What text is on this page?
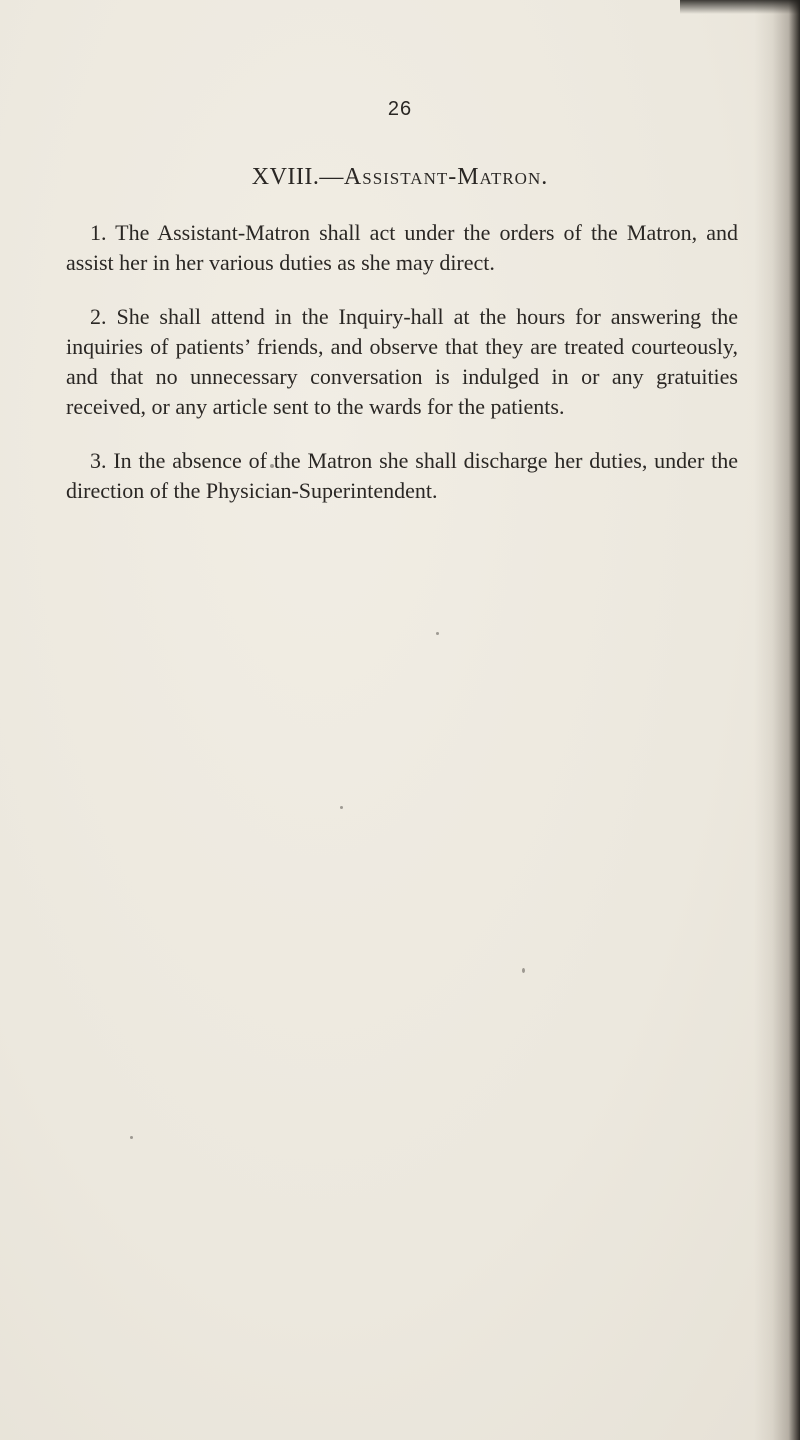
26
XVIII.—Assistant-Matron.

1. The Assistant-Matron shall act under the orders of the Matron, and assist her in her various duties as she may direct.

2. She shall attend in the Inquiry-hall at the hours for answering the inquiries of patients’ friends, and observe that they are treated courteously, and that no unnecessary conversation is indulged in or any gratuities received, or any article sent to the wards for the patients.

3. In the absence of the Matron she shall discharge her duties, under the direction of the Physician-Superintendent.
